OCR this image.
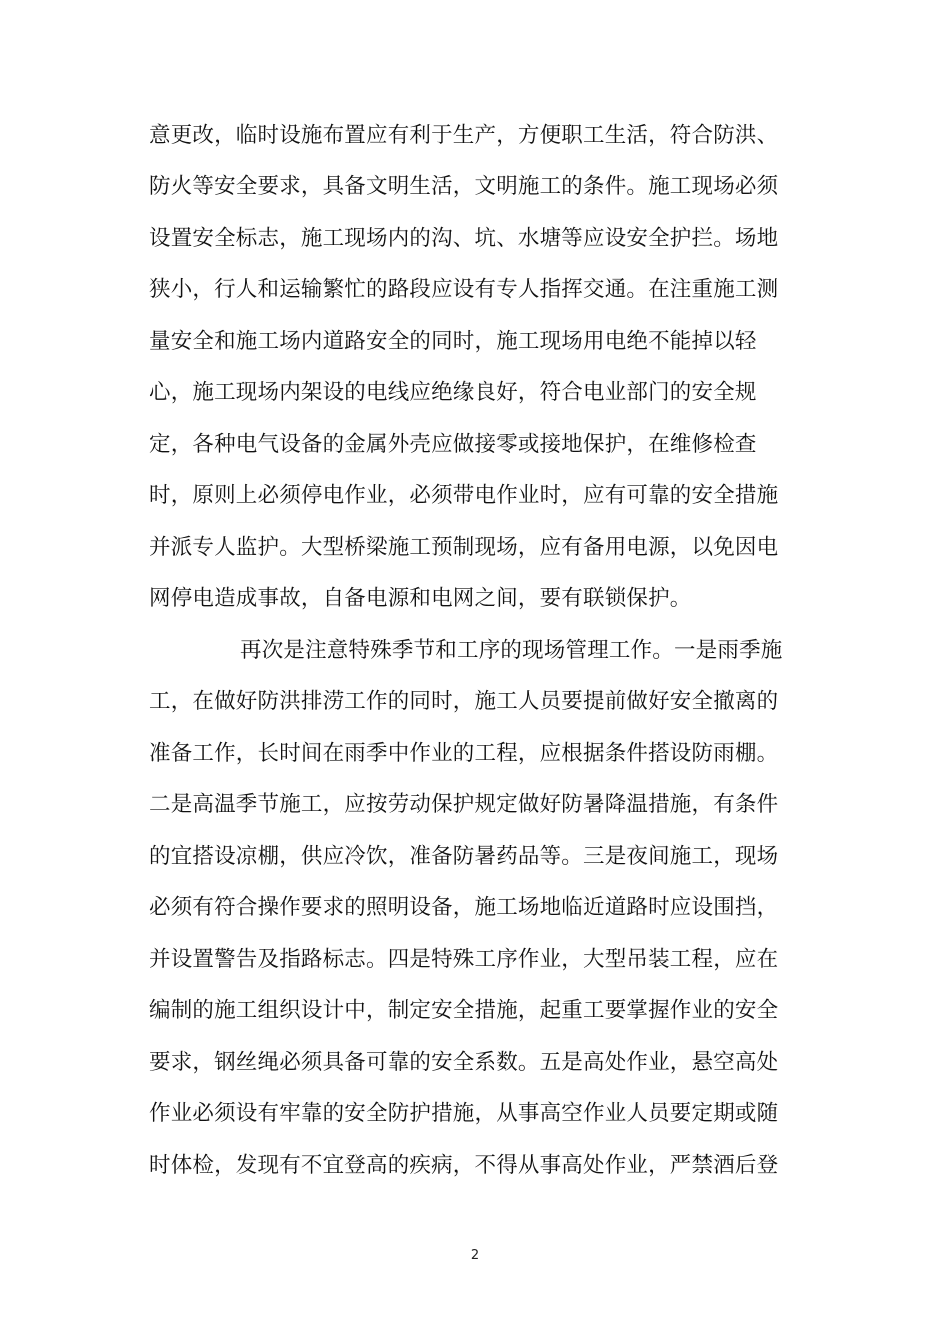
意更改，临时设施布置应有利于生产，方便职工生活，符合防洪、
防火等安全要求，具备文明生活，文明施工的条件。施工现场必须
设置安全标志，施工现场内的沟、坑、水塘等应设安全护拦。场地
狭小，行人和运输繁忙的路段应设有专人指挥交通。在注重施工测
量安全和施工场内道路安全的同时，施工现场用电绝不能掉以轻
心，施工现场内架设的电线应绝缘良好，符合电业部门的安全规
定，各种电气设备的金属外壳应做接零或接地保护，在维修检查
时，原则上必须停电作业，必须带电作业时，应有可靠的安全措施
并派专人监护。大型桥梁施工预制现场，应有备用电源，以免因电
网停电造成事故，自备电源和电网之间，要有联锁保护。
再次是注意特殊季节和工序的现场管理工作。一是雨季施
工，在做好防洪排涝工作的同时，施工人员要提前做好安全撤离的
准备工作，长时间在雨季中作业的工程，应根据条件搭设防雨棚。
二是高温季节施工，应按劳动保护规定做好防暑降温措施，有条件
的宜搭设凉棚，供应冷饮，准备防暑药品等。三是夜间施工，现场
必须有符合操作要求的照明设备，施工场地临近道路时应设围挡，
并设置警告及指路标志。四是特殊工序作业，大型吊装工程，应在
编制的施工组织设计中，制定安全措施，起重工要掌握作业的安全
要求，钢丝绳必须具备可靠的安全系数。五是高处作业，悬空高处
作业必须设有牢靠的安全防护措施，从事高空作业人员要定期或随
时体检，发现有不宜登高的疾病，不得从事高处作业，严禁酒后登
2
